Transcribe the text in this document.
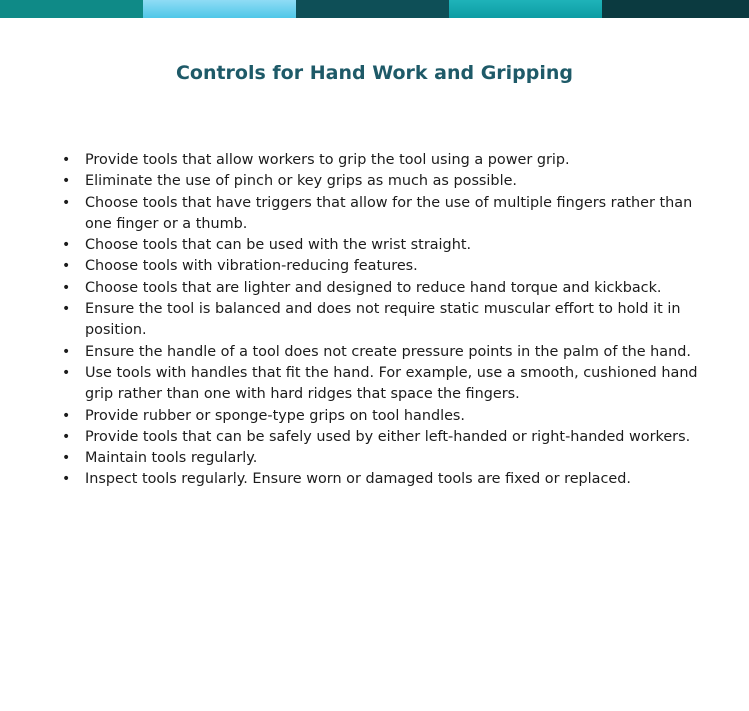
Controls for Hand Work and Gripping
• Provide tools that allow workers to grip the tool using a power grip.
• Eliminate the use of pinch or key grips as much as possible.
• Choose tools that have triggers that allow for the use of multiple fingers rather than one finger or a thumb.
• Choose tools that can be used with the wrist straight.
• Choose tools with vibration-reducing features.
• Choose tools that are lighter and designed to reduce hand torque and kickback.
• Ensure the tool is balanced and does not require static muscular effort to hold it in position.
• Ensure the handle of a tool does not create pressure points in the palm of the hand.
• Use tools with handles that fit the hand. For example, use a smooth, cushioned hand grip rather than one with hard ridges that space the fingers.
• Provide rubber or sponge-type grips on tool handles.
• Provide tools that can be safely used by either left-handed or right-handed workers.
• Maintain tools regularly.
• Inspect tools regularly. Ensure worn or damaged tools are fixed or replaced.
